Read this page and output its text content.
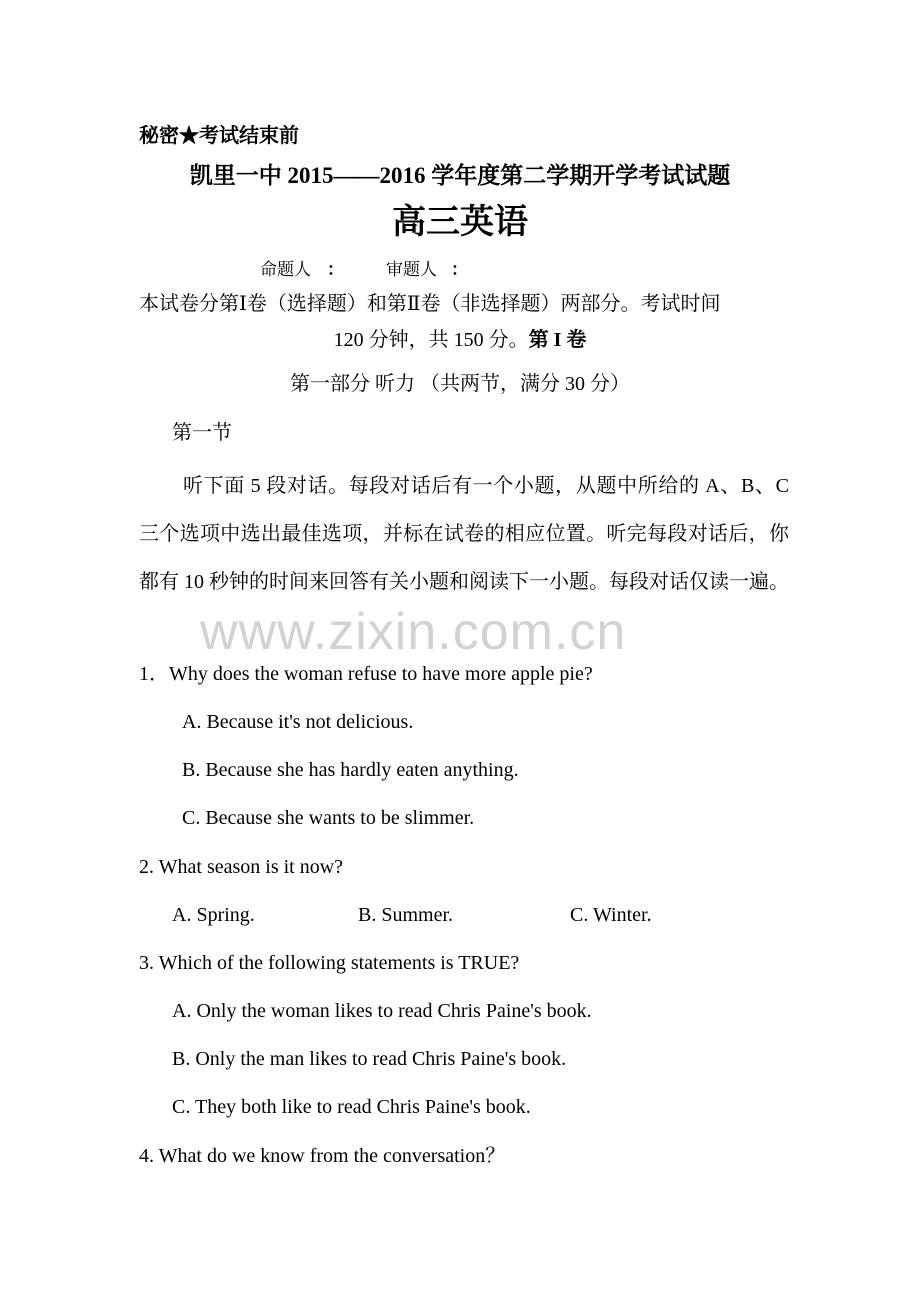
秘密★考试结束前
凯里一中 2015——2016 学年度第二学期开学考试试题
高三英语
命题人 ： 审题人 ：
本试卷分第Ⅰ卷（选择题）和第Ⅱ卷（非选择题）两部分。考试时间
120 分钟，共 150 分。第 I 卷
第一部分 听力 （共两节，满分 30 分）
第一节
听下面 5 段对话。每段对话后有一个小题，从题中所给的 A、B、C 三个选项中选出最佳选项，并标在试卷的相应位置。听完每段对话后，你都有 10 秒钟的时间来回答有关小题和阅读下一小题。每段对话仅读一遍。
www.zixin.com.cn
1．Why does the woman refuse to have more apple pie?
A. Because it's not delicious.
B. Because she has hardly eaten anything.
C. Because she wants to be slimmer.
2. What season is it now?
A. Spring.	B. Summer.	C. Winter.
3. Which of the following statements is TRUE?
A. Only the woman likes to read Chris Paine's book.
B. Only the man likes to read Chris Paine's book.
C. They both like to read Chris Paine's book.
4. What do we know from the conversation？
